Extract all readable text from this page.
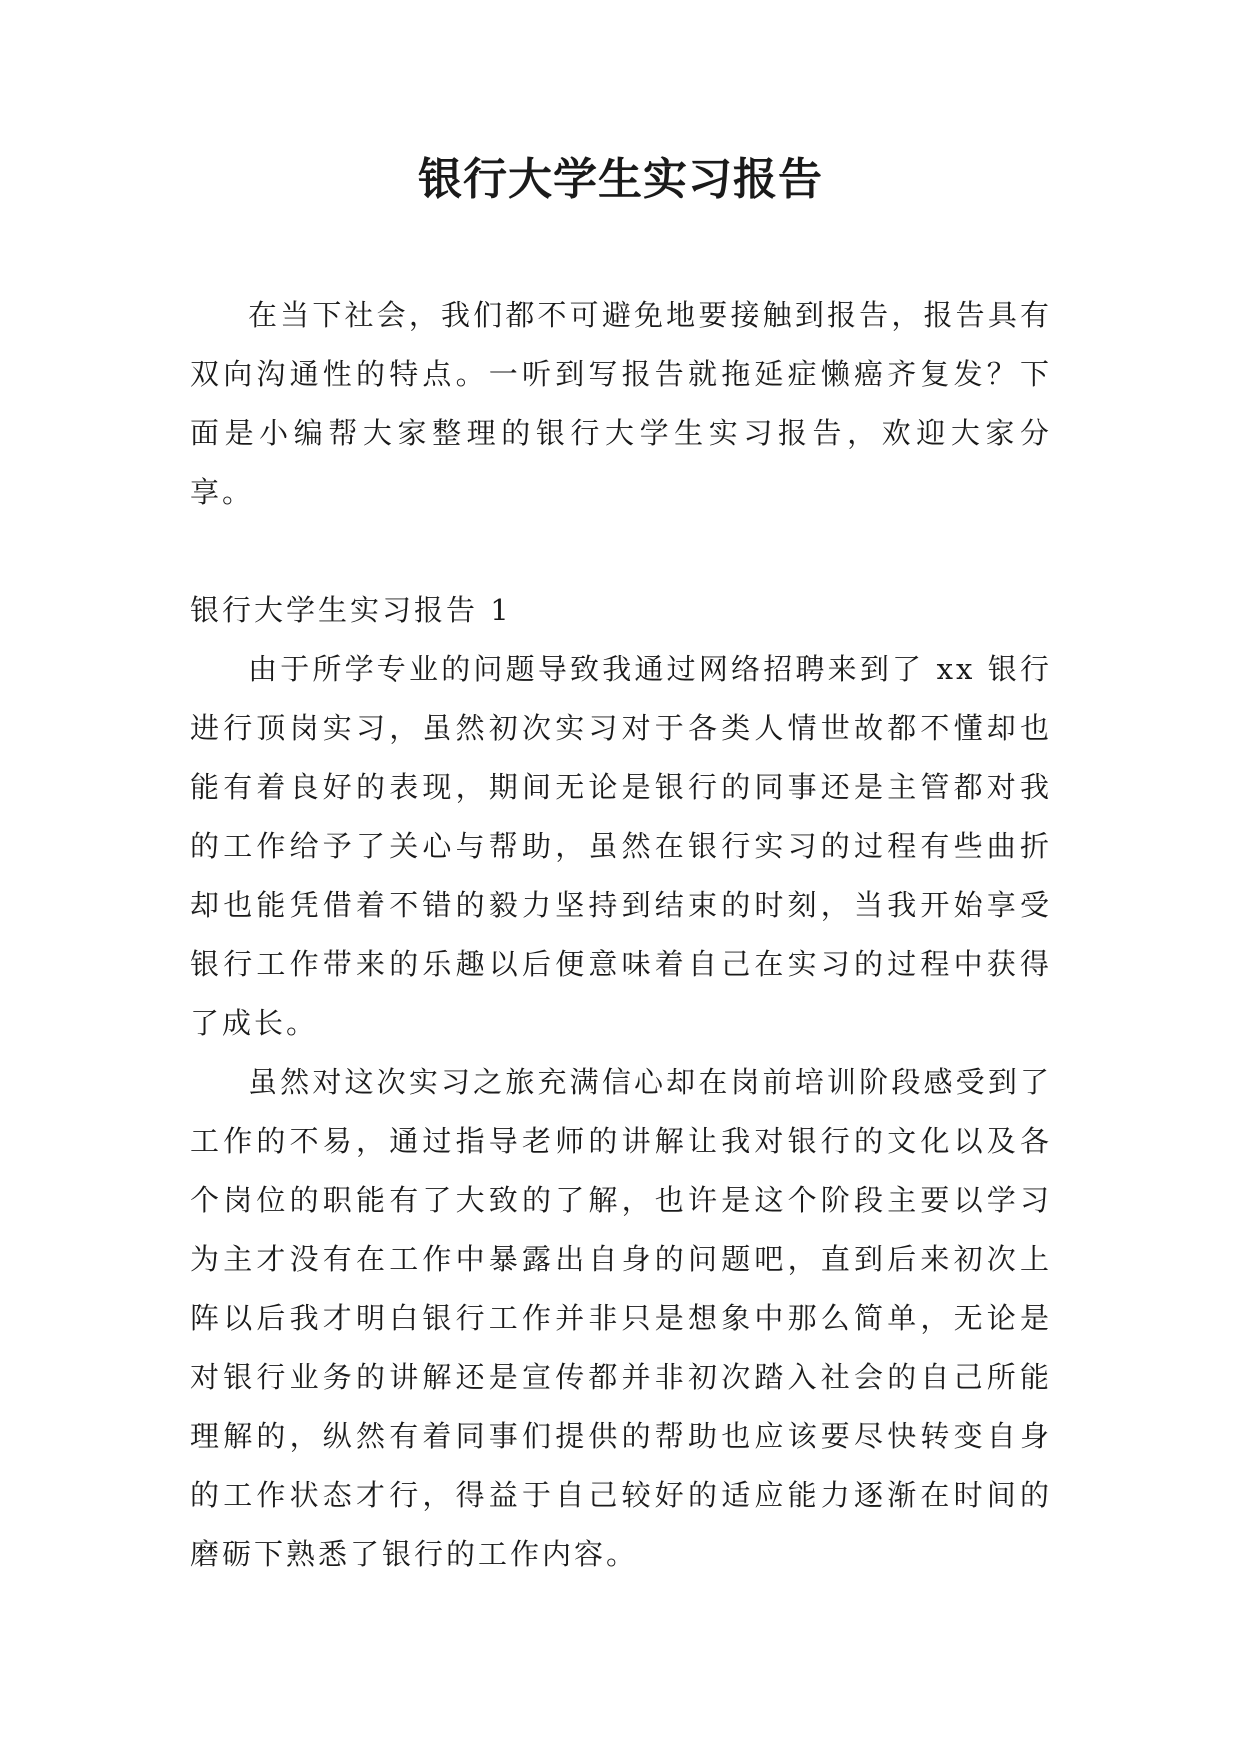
银行大学生实习报告

在当下社会，我们都不可避免地要接触到报告，报告具有双向沟通性的特点。一听到写报告就拖延症懒癌齐复发？下面是小编帮大家整理的银行大学生实习报告，欢迎大家分享。

银行大学生实习报告 1

由于所学专业的问题导致我通过网络招聘来到了 xx 银行进行顶岗实习，虽然初次实习对于各类人情世故都不懂却也能有着良好的表现，期间无论是银行的同事还是主管都对我的工作给予了关心与帮助，虽然在银行实习的过程有些曲折却也能凭借着不错的毅力坚持到结束的时刻，当我开始享受银行工作带来的乐趣以后便意味着自己在实习的过程中获得了成长。

虽然对这次实习之旅充满信心却在岗前培训阶段感受到了工作的不易，通过指导老师的讲解让我对银行的文化以及各个岗位的职能有了大致的了解，也许是这个阶段主要以学习为主才没有在工作中暴露出自身的问题吧，直到后来初次上阵以后我才明白银行工作并非只是想象中那么简单，无论是对银行业务的讲解还是宣传都并非初次踏入社会的自己所能理解的，纵然有着同事们提供的帮助也应该要尽快转变自身的工作状态才行，得益于自己较好的适应能力逐渐在时间的磨砺下熟悉了银行的工作内容。
